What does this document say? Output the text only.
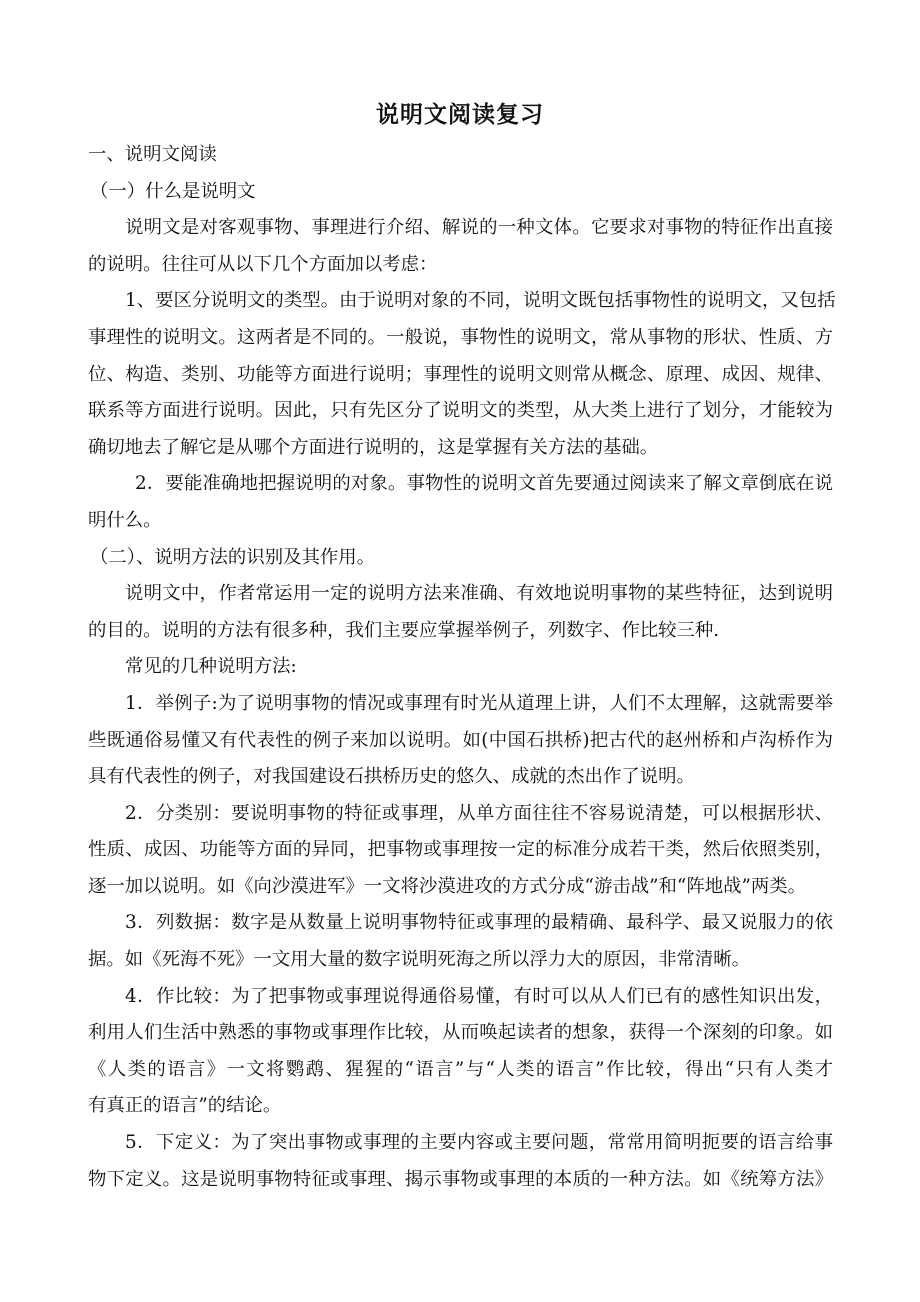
说明文阅读复习
一、说明文阅读
（一）什么是说明文
说明文是对客观事物、事理进行介绍、解说的一种文体。它要求对事物的特征作出直接
的说明。往往可从以下几个方面加以考虑：
1、要区分说明文的类型。由于说明对象的不同，说明文既包括事物性的说明文，又包括
事理性的说明文。这两者是不同的。一般说，事物性的说明文，常从事物的形状、性质、方
位、构造、类别、功能等方面进行说明；事理性的说明文则常从概念、原理、成因、规律、
联系等方面进行说明。因此，只有先区分了说明文的类型，从大类上进行了划分，才能较为
确切地去了解它是从哪个方面进行说明的，这是掌握有关方法的基础。
2．要能准确地把握说明的对象。事物性的说明文首先要通过阅读来了解文章倒底在说
明什么。
（二）、说明方法的识别及其作用。
说明文中，作者常运用一定的说明方法来准确、有效地说明事物的某些特征，达到说明
的目的。说明的方法有很多种，我们主要应掌握举例子，列数字、作比较三种.
常见的几种说明方法:
1．举例子:为了说明事物的情况或事理有时光从道理上讲，人们不太理解，这就需要举
些既通俗易懂又有代表性的例子来加以说明。如(中国石拱桥)把古代的赵州桥和卢沟桥作为
具有代表性的例子，对我国建设石拱桥历史的悠久、成就的杰出作了说明。
2．分类别：要说明事物的特征或事理，从单方面往往不容易说清楚，可以根据形状、
性质、成因、功能等方面的异同，把事物或事理按一定的标准分成若干类，然后依照类别，
逐一加以说明。如《向沙漠进军》一文将沙漠进攻的方式分成“游击战”和“阵地战”两类。
3．列数据：数字是从数量上说明事物特征或事理的最精确、最科学、最又说服力的依
据。如《死海不死》一文用大量的数字说明死海之所以浮力大的原因，非常清晰。
4．作比较：为了把事物或事理说得通俗易懂，有时可以从人们已有的感性知识出发，
利用人们生活中熟悉的事物或事理作比较，从而唤起读者的想象，获得一个深刻的印象。如
《人类的语言》一文将鹦鹉、猩猩的“语言”与“人类的语言”作比较，得出“只有人类才
有真正的语言”的结论。
5．下定义：为了突出事物或事理的主要内容或主要问题，常常用简明扼要的语言给事
物下定义。这是说明事物特征或事理、揭示事物或事理的本质的一种方法。如《统筹方法》
